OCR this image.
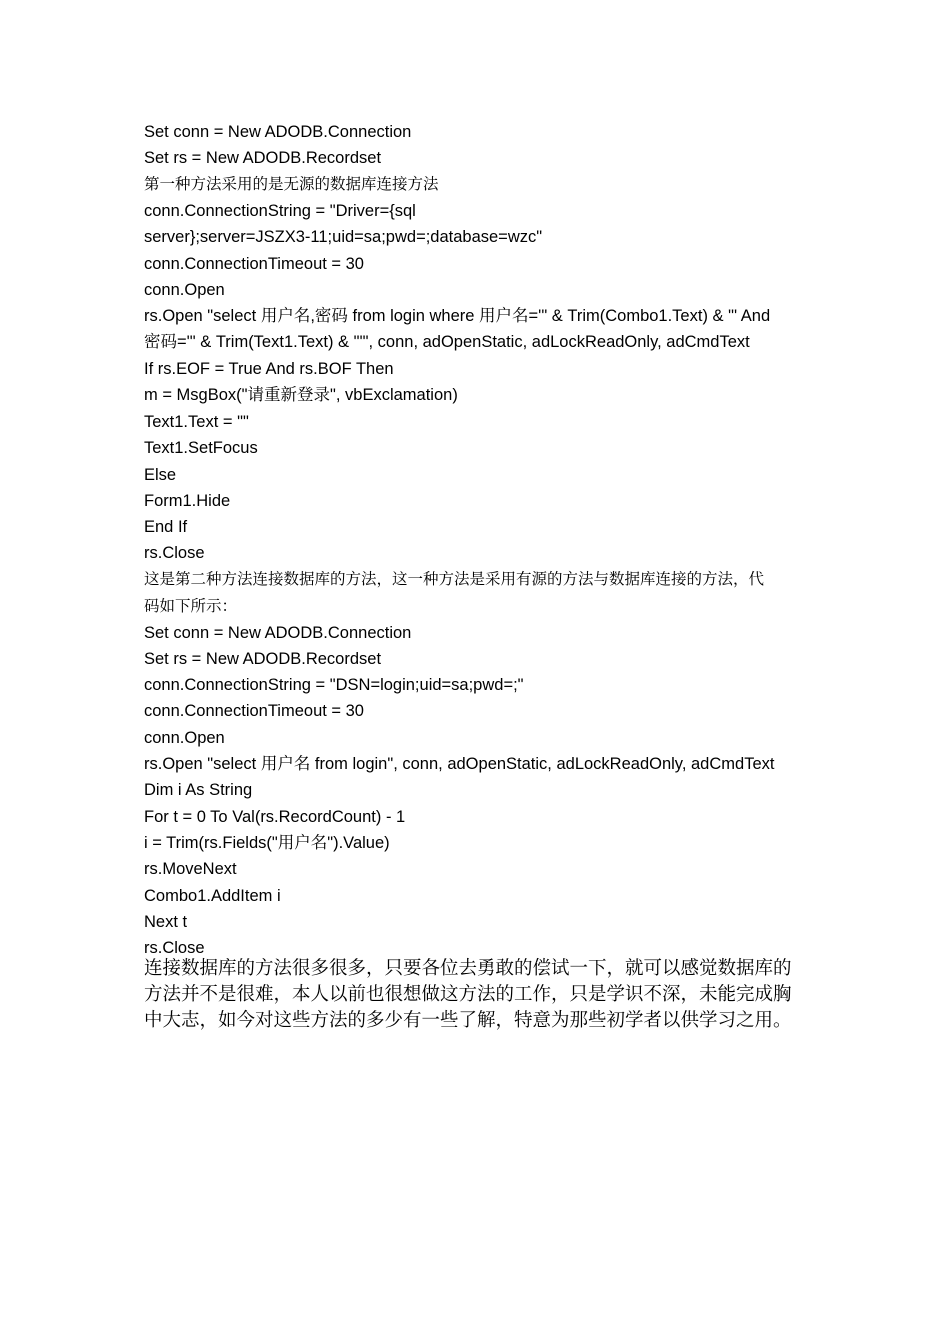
Set conn = New ADODB.Connection

Set rs = New ADODB.Recordset

第一种方法采用的是无源的数据库连接方法

conn.ConnectionString = "Driver={sql

server};server=JSZX3-11;uid=sa;pwd=;database=wzc"

conn.ConnectionTimeout = 30

conn.Open

rs.Open "select 用户名,密码 from login where 用户名='" & Trim(Combo1.Text) & "' And

密码='" & Trim(Text1.Text) & "'", conn, adOpenStatic, adLockReadOnly, adCmdText

If rs.EOF = True And rs.BOF Then

m = MsgBox("请重新登录", vbExclamation)

Text1.Text = ""

Text1.SetFocus

Else

Form1.Hide

End If

rs.Close

这是第二种方法连接数据库的方法，这一种方法是采用有源的方法与数据库连接的方法，代

码如下所示：

Set conn = New ADODB.Connection

Set rs = New ADODB.Recordset

conn.ConnectionString = "DSN=login;uid=sa;pwd=;"

conn.ConnectionTimeout = 30

conn.Open

rs.Open "select 用户名 from login", conn, adOpenStatic, adLockReadOnly, adCmdText

Dim i As String

For t = 0 To Val(rs.RecordCount) - 1

i = Trim(rs.Fields("用户名").Value)

rs.MoveNext

Combo1.AddItem i

Next t

rs.Close

连接数据库的方法很多很多，只要各位去勇敢的偿试一下，就可以感觉数据库的

方法并不是很难，本人以前也很想做这方法的工作，只是学识不深，未能完成胸

中大志，如今对这些方法的多少有一些了解，特意为那些初学者以供学习之用。
